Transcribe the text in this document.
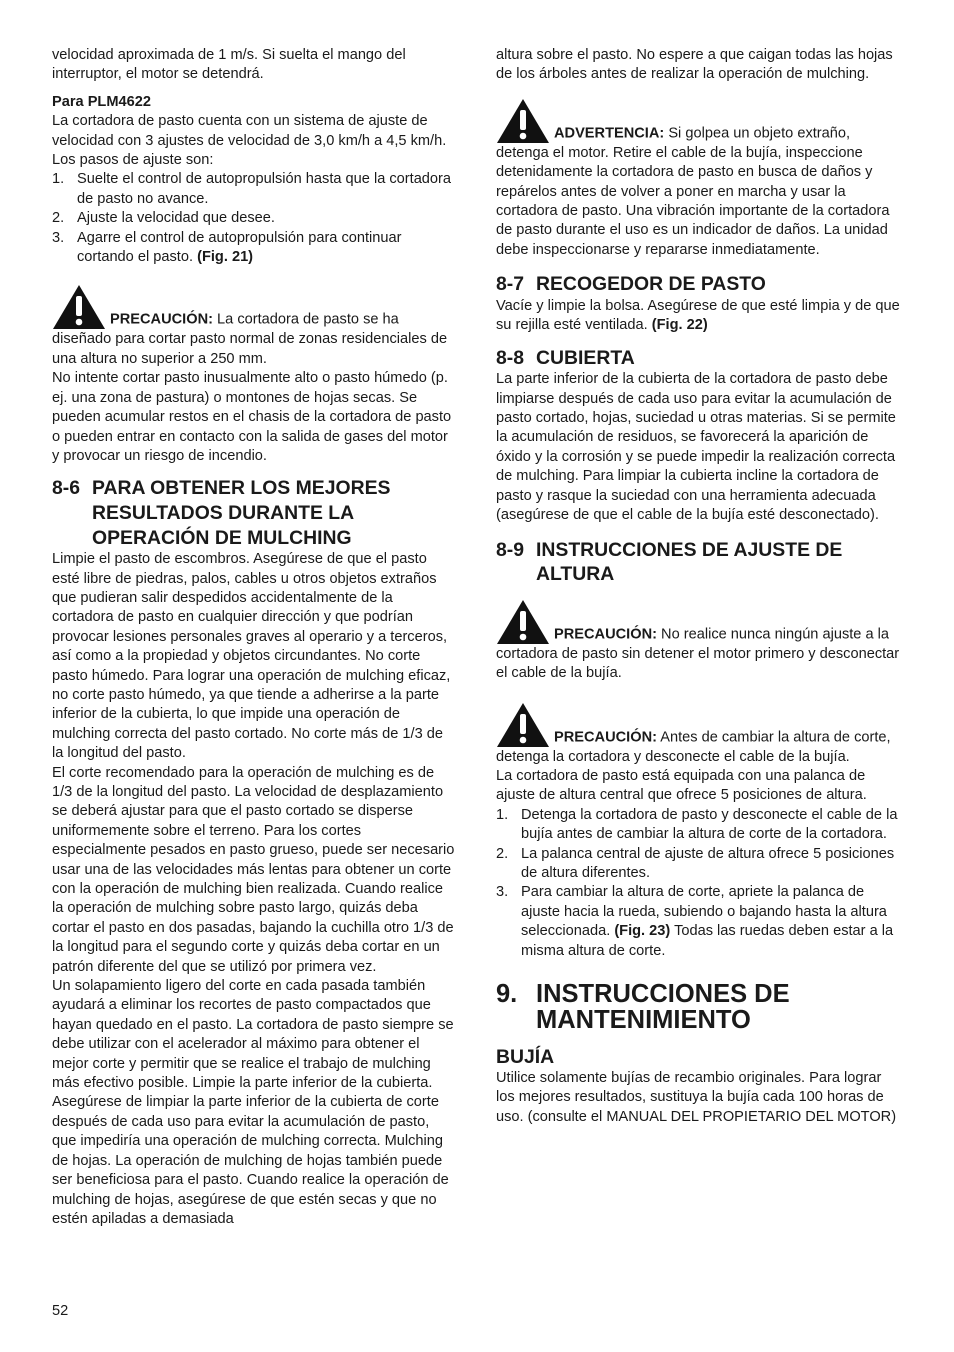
velocidad aproximada de 1 m/s. Si suelta el mango del interruptor, el motor se detendrá.

Para PLM4622

La cortadora de pasto cuenta con un sistema de ajuste de velocidad con 3 ajustes de velocidad de 3,0 km/h a 4,5 km/h.

Los pasos de ajuste son:

1. Suelte el control de autopropulsión hasta que la cortadora de pasto no avance.
2. Ajuste la velocidad que desee.
3. Agarre el control de autopropulsión para continuar cortando el pasto. (Fig. 21)

PRECAUCIÓN: La cortadora de pasto se ha diseñado para cortar pasto normal de zonas residenciales de una altura no superior a 250 mm.

No intente cortar pasto inusualmente alto o pasto húmedo (p. ej. una zona de pastura) o montones de hojas secas. Se pueden acumular restos en el chasis de la cortadora de pasto o pueden entrar en contacto con la salida de gases del motor y provocar un riesgo de incendio.

8-6 PARA OBTENER LOS MEJORES RESULTADOS DURANTE LA OPERACIÓN DE MULCHING

Limpie el pasto de escombros. Asegúrese de que el pasto esté libre de piedras, palos, cables u otros objetos extraños que pudieran salir despedidos accidentalmente de la cortadora de pasto en cualquier dirección y que podrían provocar lesiones personales graves al operario y a terceros, así como a la propiedad y objetos circundantes. No corte pasto húmedo. Para lograr una operación de mulching eficaz, no corte pasto húmedo, ya que tiende a adherirse a la parte inferior de la cubierta, lo que impide una operación de mulching correcta del pasto cortado. No corte más de 1/3 de la longitud del pasto.

El corte recomendado para la operación de mulching es de 1/3 de la longitud del pasto. La velocidad de desplazamiento se deberá ajustar para que el pasto cortado se disperse uniformemente sobre el terreno. Para los cortes especialmente pesados en pasto grueso, puede ser necesario usar una de las velocidades más lentas para obtener un corte con la operación de mulching bien realizada. Cuando realice la operación de mulching sobre pasto largo, quizás deba cortar el pasto en dos pasadas, bajando la cuchilla otro 1/3 de la longitud para el segundo corte y quizás deba cortar en un patrón diferente del que se utilizó por primera vez.

Un solapamiento ligero del corte en cada pasada también ayudará a eliminar los recortes de pasto compactados que hayan quedado en el pasto. La cortadora de pasto siempre se debe utilizar con el acelerador al máximo para obtener el mejor corte y permitir que se realice el trabajo de mulching más efectivo posible. Limpie la parte inferior de la cubierta.

Asegúrese de limpiar la parte inferior de la cubierta de corte después de cada uso para evitar la acumulación de pasto, que impediría una operación de mulching correcta. Mulching de hojas. La operación de mulching de hojas también puede ser beneficiosa para el pasto. Cuando realice la operación de mulching de hojas, asegúrese de que estén secas y que no estén apiladas a demasiada

altura sobre el pasto. No espere a que caigan todas las hojas de los árboles antes de realizar la operación de mulching.

ADVERTENCIA: Si golpea un objeto extraño, detenga el motor. Retire el cable de la bujía, inspeccione detenidamente la cortadora de pasto en busca de daños y repárelos antes de volver a poner en marcha y usar la cortadora de pasto. Una vibración importante de la cortadora de pasto durante el uso es un indicador de daños. La unidad debe inspeccionarse y repararse inmediatamente.

8-7 RECOGEDOR DE PASTO

Vacíe y limpie la bolsa. Asegúrese de que esté limpia y de que su rejilla esté ventilada. (Fig. 22)

8-8 CUBIERTA

La parte inferior de la cubierta de la cortadora de pasto debe limpiarse después de cada uso para evitar la acumulación de pasto cortado, hojas, suciedad u otras materias. Si se permite la acumulación de residuos, se favorecerá la aparición de óxido y la corrosión y se puede impedir la realización correcta de mulching. Para limpiar la cubierta incline la cortadora de pasto y rasque la suciedad con una herramienta adecuada (asegúrese de que el cable de la bujía esté desconectado).

8-9 INSTRUCCIONES DE AJUSTE DE ALTURA

PRECAUCIÓN: No realice nunca ningún ajuste a la cortadora de pasto sin detener el motor primero y desconectar el cable de la bujía.

PRECAUCIÓN: Antes de cambiar la altura de corte, detenga la cortadora y desconecte el cable de la bujía.

La cortadora de pasto está equipada con una palanca de ajuste de altura central que ofrece 5 posiciones de altura.

1. Detenga la cortadora de pasto y desconecte el cable de la bujía antes de cambiar la altura de corte de la cortadora.
2. La palanca central de ajuste de altura ofrece 5 posiciones de altura diferentes.
3. Para cambiar la altura de corte, apriete la palanca de ajuste hacia la rueda, subiendo o bajando hasta la altura seleccionada. (Fig. 23) Todas las ruedas deben estar a la misma altura de corte.
9. INSTRUCCIONES DE MANTENIMIENTO
BUJÍA

Utilice solamente bujías de recambio originales. Para lograr los mejores resultados, sustituya la bujía cada 100 horas de uso. (consulte el MANUAL DEL PROPIETARIO DEL MOTOR)

52
